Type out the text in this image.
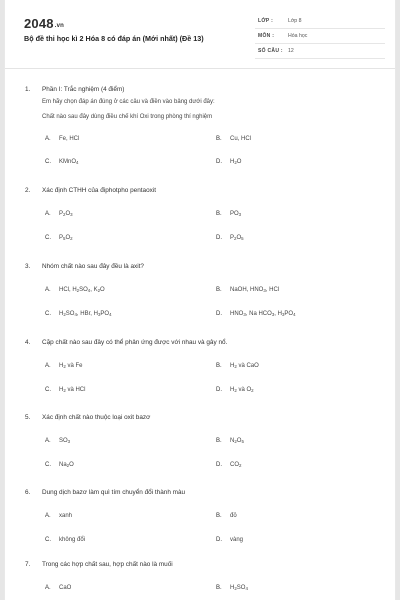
2048.vn
Bộ đề thi học kì 2 Hóa 8 có đáp án (Mới nhất) (Đề 13)
LỚP :	Lớp 8
MÔN :	Hóa học
SỐ CÂU : 12
1. Phần I: Trắc nghiệm (4 điểm)
Em hãy chọn đáp án đúng ở các câu và điền vào bảng dưới đây:
Chất nào sau đây dùng điều chế khí Oxi trong phòng thí nghiệm
A. Fe, HCl	B. Cu, HCl
C. KMnO$_4$	D. $H_2O$
2. Xác định CTHH của điphotpho pentaoxit
A. $P_2O_3$	B. $PO_3$
C. $P_5O_2$	D. $P_2O_5$
3. Nhóm chất nào sau đây đều là axit?
A. HCl, $H_2SO_4$, $K_2O$	B. NaOH, $HNO_3$, HCl
C. $H_2SO_4$, HBr, $H_3PO_4$	D. $HNO_3$, Na $HCO_3$, $H_3PO_4$
4. Cặp chất nào sau đây có thể phản ứng được với nhau và gây nổ.
A. $H_2$ và Fe	B. $H_2$ và CaO
C. $H_2$ và HCl	D. $H_2$ và $O_2$
5. Xác định chất nào thuộc loại oxit bazơ
A. $SO_3$	B. $N_2O_5$
C. $Na_2O$	D. $CO_2$
6. Dung dịch bazơ làm quì tím chuyển đổi thành màu
A. xanh	B. đỏ
C. không đổi	D. vàng
7. Trong các hợp chất sau, hợp chất nào là muối
A. CaO	B. $H_2SO_4$
